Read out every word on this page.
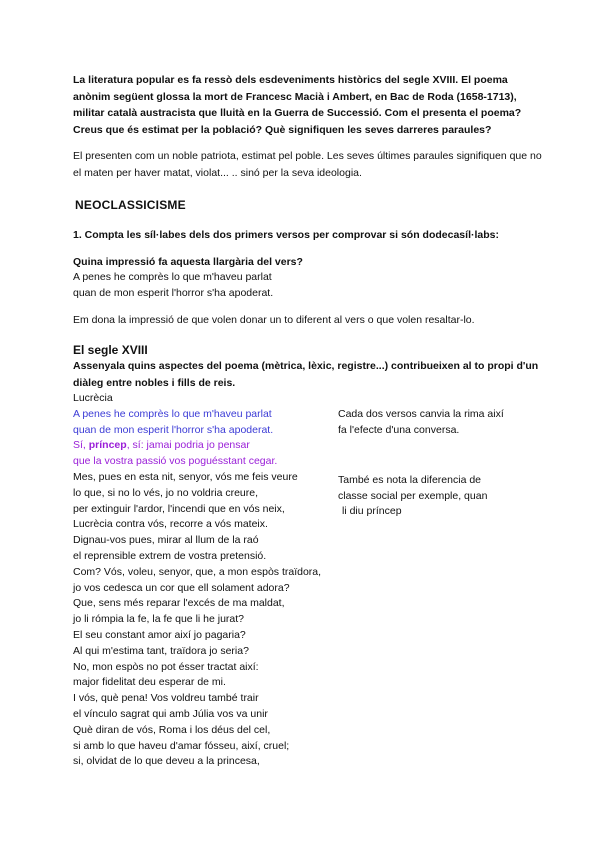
La literatura popular es fa ressò dels esdeveniments històrics del segle XVIII. El poema anònim següent glossa la mort de Francesc Macià i Ambert, en Bac de Roda (1658-1713), militar català austracista que lluità en la Guerra de Successió. Com el presenta el poema? Creus que és estimat per la població? Què signifiquen les seves darreres paraules?

El presenten com un noble patriota, estimat pel poble. Les seves últimes paraules signifiquen que no el maten per haver matat, violat... .. sinó per la seva ideologia.

NEOCLASSICISME

1. Compta les síl·labes dels dos primers versos per comprovar si són dodecasíl·labs:

Quina impressió fa aquesta llargària del vers?

A penes he comprès lo que m'haveu parlat

quan de mon esperit l'horror s'ha apoderat.

Em dona la impressió de que volen donar un to diferent al vers o que volen resaltar-lo.

El segle XVIII

Assenyala quins aspectes del poema (mètrica, lèxic, registre...) contribueixen al to propi d'un diàleg entre nobles i fills de reis.

Lucrècia

A penes he comprès lo que m'haveu parlat

quan de mon esperit l'horror s'ha apoderat.

Sí, príncep, sí: jamai podria jo pensar

que la vostra passió vos poguésstant cegar.

Mes, pues en esta nit, senyor, vós me feis veure

lo que, si no lo vés, jo no voldria creure,

per extinguir l'ardor, l'incendi que en vós neix,

Lucrècia contra vós, recorre a vós mateix.

Dignau-vos pues, mirar al llum de la raó

el reprensible extrem de vostra pretensió.

Com? Vós, voleu, senyor, que, a mon espòs traïdora,

jo vos cedesca un cor que ell solament adora?

Que, sens més reparar l'excés de ma maldat,

jo li rómpia la fe, la fe que li he jurat?

El seu constant amor així jo pagaria?

Al qui m'estima tant, traïdora jo seria?

No, mon espòs no pot ésser tractat així:

major fidelitat deu esperar de mi.

I vós, què pena! Vos voldreu també trair

el vínculo sagrat qui amb Júlia vos va unir

Què diran de vós, Roma i los déus del cel,

si amb lo que haveu d'amar fósseu, així, cruel;

si, olvidat de lo que deveu a la princesa,

Cada dos versos canvia la rima així
fa l'efecte d'una conversa.
També es nota la diferencia de
classe social per exemple, quan
li diu príncep
